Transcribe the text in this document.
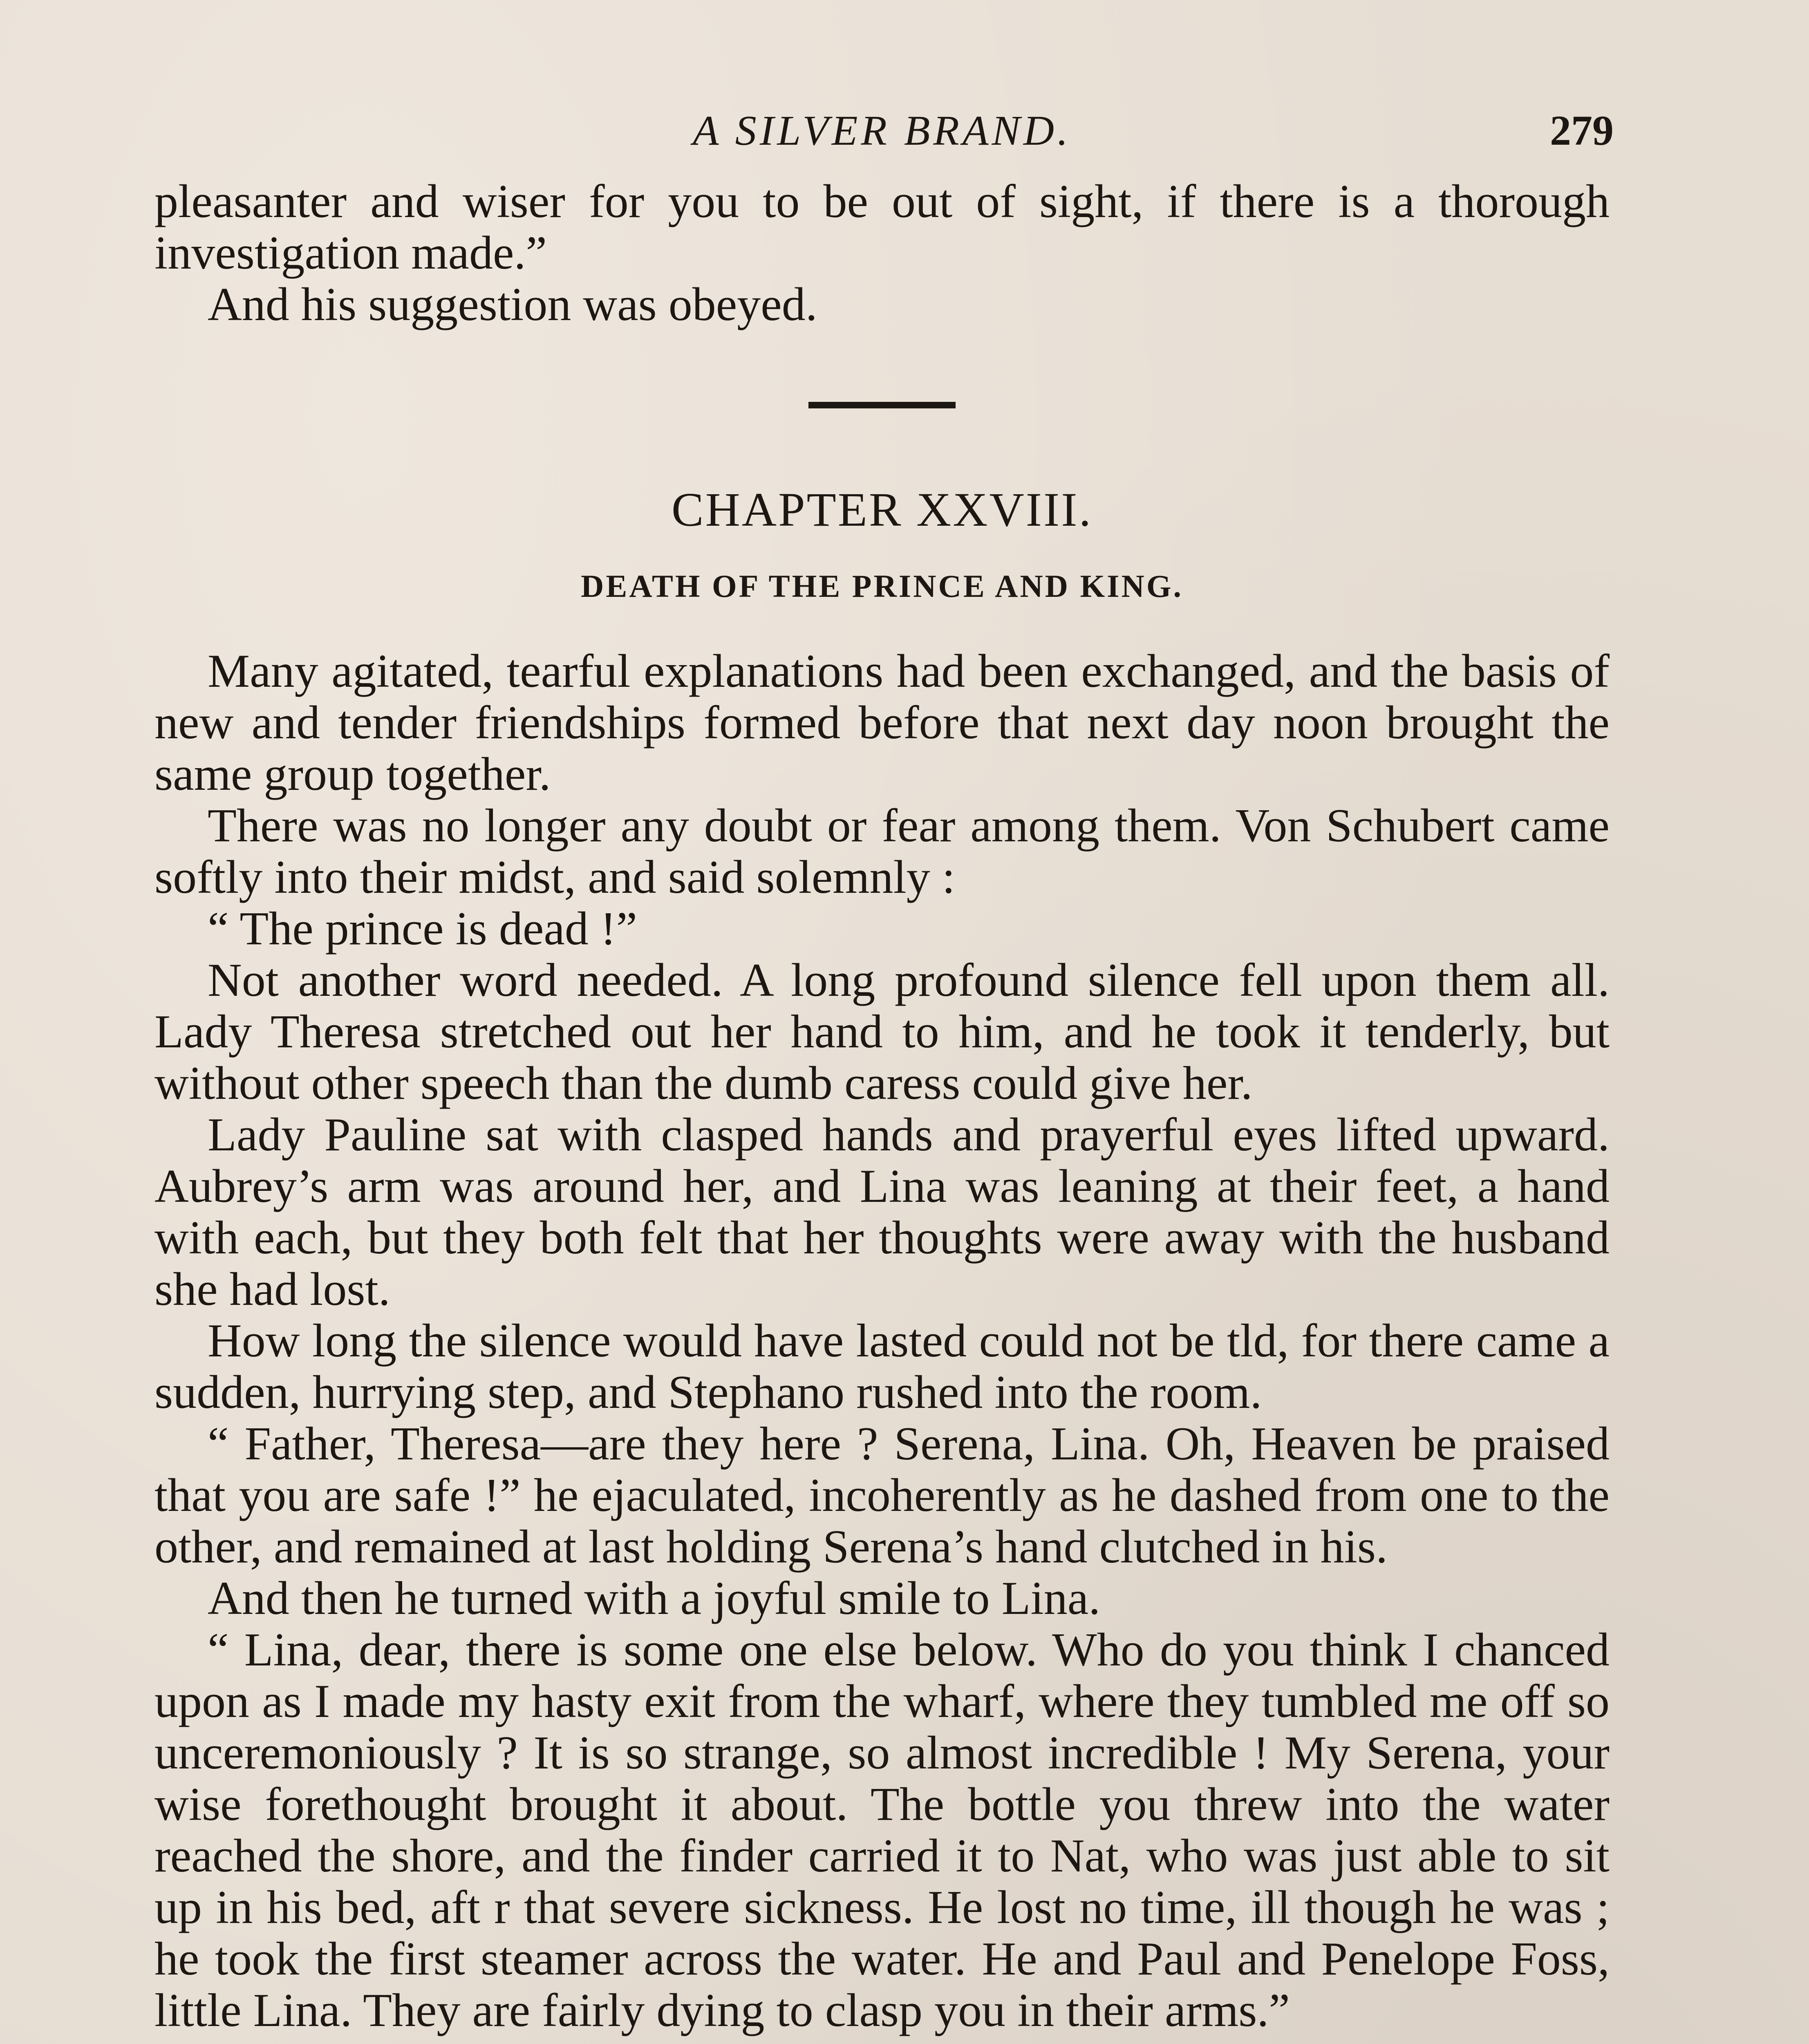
A SILVER BRAND.	279

pleasanter and wiser for you to be out of sight, if there is a thorough investigation made.”

And his suggestion was obeyed.

CHAPTER XXVIII.
DEATH OF THE PRINCE AND KING.

Many agitated, tearful explanations had been exchanged, and the basis of new and tender friendships formed before that next day noon brought the same group together.

There was no longer any doubt or fear among them. Von Schubert came softly into their midst, and said solemnly :

“ The prince is dead !”

Not another word needed. A long profound silence fell upon them all. Lady Theresa stretched out her hand to him, and he took it tenderly, but without other speech than the dumb caress could give her.

Lady Pauline sat with clasped hands and prayerful eyes lifted upward. Aubrey’s arm was around her, and Lina was leaning at their feet, a hand with each, but they both felt that her thoughts were away with the husband she had lost.

How long the silence would have lasted could not be tld, for there came a sudden, hurrying step, and Stephano rushed into the room.

“ Father, Theresa—are they here ? Serena, Lina. Oh, Heaven be praised that you are safe !” he ejaculated, incoherently as he dashed from one to the other, and remained at last holding Serena’s hand clutched in his.

And then he turned with a joyful smile to Lina.

“ Lina, dear, there is some one else below. Who do you think I chanced upon as I made my hasty exit from the wharf, where they tumbled me off so unceremoniously ? It is so strange, so almost incredible ! My Serena, your wise forethought brought it about. The bottle you threw into the water reached the shore, and the finder carried it to Nat, who was just able to sit up in his bed, aft r that severe sickness. He lost no time, ill though he was ; he took the first steamer across the water. He and Paul and Penelope Foss, little Lina. They are fairly dying to clasp you in their arms.”
